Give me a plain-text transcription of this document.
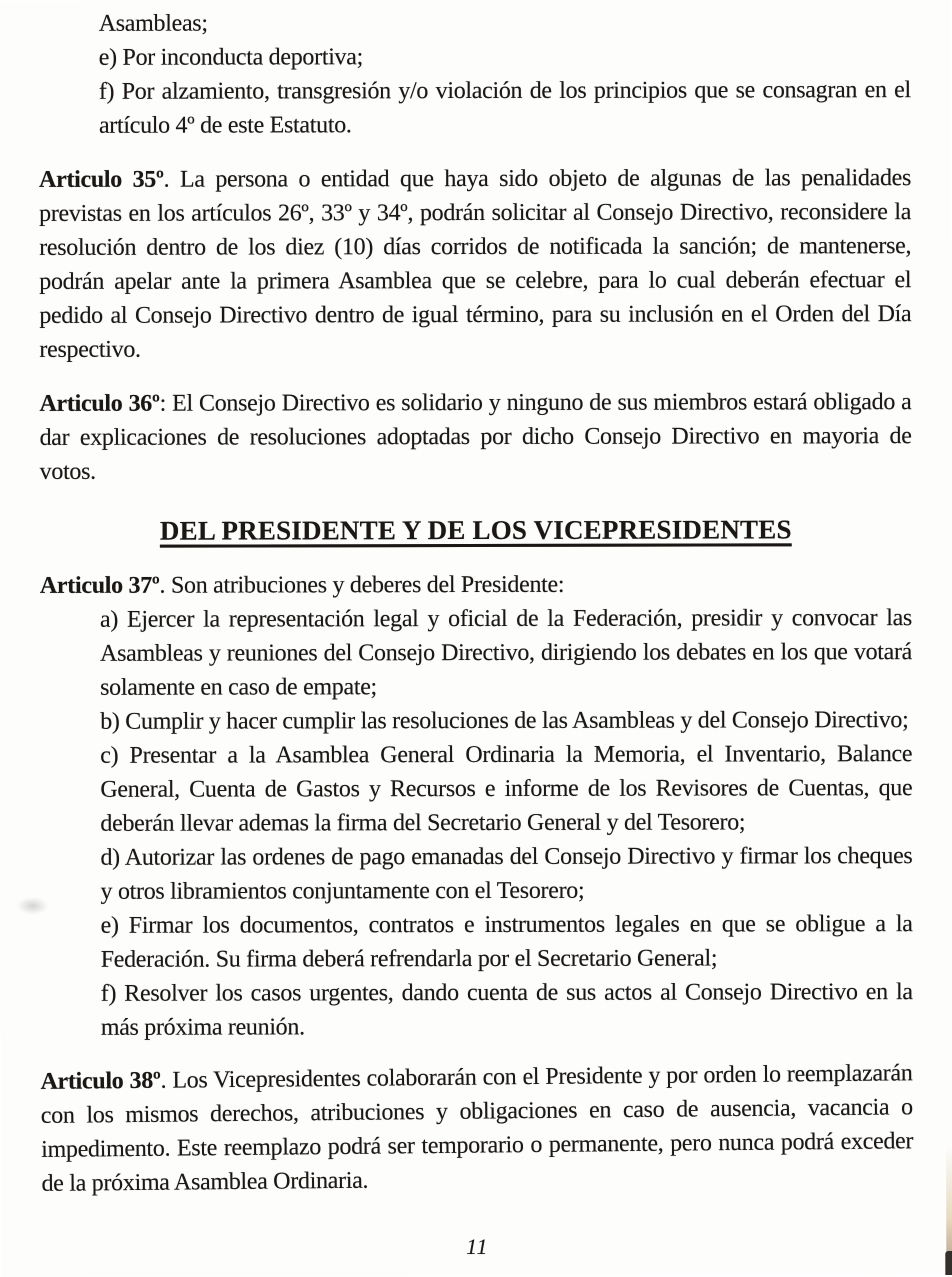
Asambleas;

e) Por inconducta deportiva;

f) Por alzamiento, transgresión y/o violación de los principios que se consagran en el artículo 4º de este Estatuto.

Articulo 35º. La persona o entidad que haya sido objeto de algunas de las penalidades previstas en los artículos 26º, 33º y 34º, podrán solicitar al Consejo Directivo, reconsidere la resolución dentro de los diez (10) días corridos de notificada la sanción; de mantenerse, podrán apelar ante la primera Asamblea que se celebre, para lo cual deberán efectuar el pedido al Consejo Directivo dentro de igual término, para su inclusión en el Orden del Día respectivo.

Articulo 36º: El Consejo Directivo es solidario y ninguno de sus miembros estará obligado a dar explicaciones de resoluciones adoptadas por dicho Consejo Directivo en mayoria de votos.

DEL PRESIDENTE Y DE LOS VICEPRESIDENTES

Articulo 37º. Son atribuciones y deberes del Presidente:

a) Ejercer la representación legal y oficial de la Federación, presidir y convocar las Asambleas y reuniones del Consejo Directivo, dirigiendo los debates en los que votará solamente en caso de empate;

b) Cumplir y hacer cumplir las resoluciones de las Asambleas y del Consejo Directivo;

c) Presentar a la Asamblea General Ordinaria la Memoria, el Inventario, Balance General, Cuenta de Gastos y Recursos e informe de los Revisores de Cuentas, que deberán llevar ademas la firma del Secretario General y del Tesorero;

d) Autorizar las ordenes de pago emanadas del Consejo Directivo y firmar los cheques y otros libramientos conjuntamente con el Tesorero;

e) Firmar los documentos, contratos e instrumentos legales en que se obligue a la Federación. Su firma deberá refrendarla por el Secretario General;

f) Resolver los casos urgentes, dando cuenta de sus actos al Consejo Directivo en la más próxima reunión.

Articulo 38º. Los Vicepresidentes colaborarán con el Presidente y por orden lo reemplazarán con los mismos derechos, atribuciones y obligaciones en caso de ausencia, vacancia o impedimento. Este reemplazo podrá ser temporario o permanente, pero nunca podrá exceder de la próxima Asamblea Ordinaria.

11
